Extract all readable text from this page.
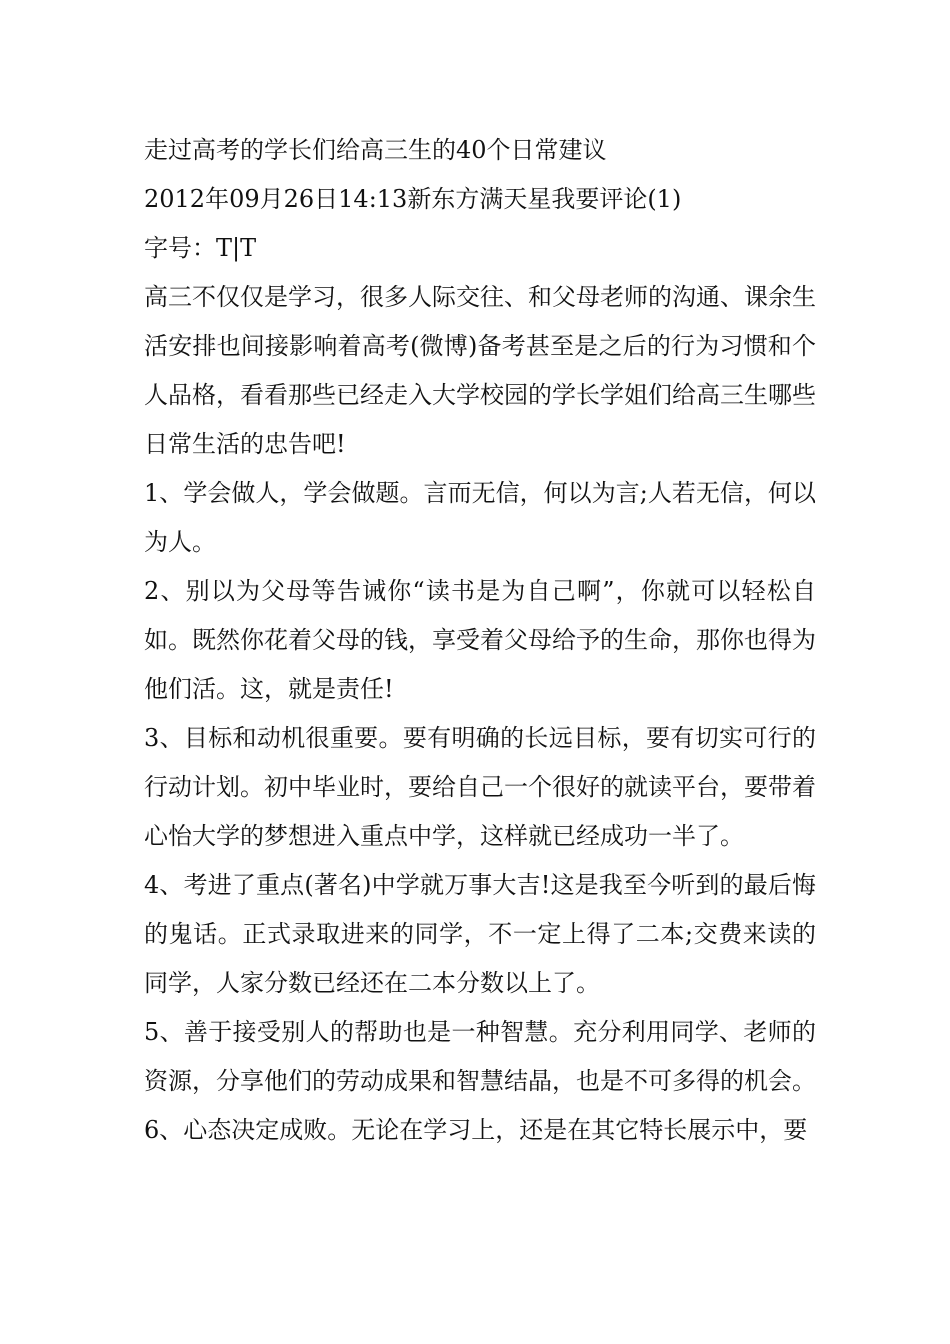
走过高考的学长们给高三生的40个日常建议

2012年09月26日14:13新东方满天星我要评论(1)

字号：T|T

高三不仅仅是学习，很多人际交往、和父母老师的沟通、课余生活安排也间接影响着高考(微博)备考甚至是之后的行为习惯和个人品格，看看那些已经走入大学校园的学长学姐们给高三生哪些日常生活的忠告吧!

1、学会做人，学会做题。言而无信，何以为言;人若无信，何以为人。

2、别以为父母等告诫你“读书是为自己啊”，你就可以轻松自如。既然你花着父母的钱，享受着父母给予的生命，那你也得为他们活。这，就是责任!

3、目标和动机很重要。要有明确的长远目标，要有切实可行的行动计划。初中毕业时，要给自己一个很好的就读平台，要带着心怡大学的梦想进入重点中学，这样就已经成功一半了。

4、考进了重点(著名)中学就万事大吉!这是我至今听到的最后悔的鬼话。正式录取进来的同学，不一定上得了二本;交费来读的同学，人家分数已经还在二本分数以上了。

5、善于接受别人的帮助也是一种智慧。充分利用同学、老师的资源，分享他们的劳动成果和智慧结晶，也是不可多得的机会。

6、心态决定成败。无论在学习上，还是在其它特长展示中，要
